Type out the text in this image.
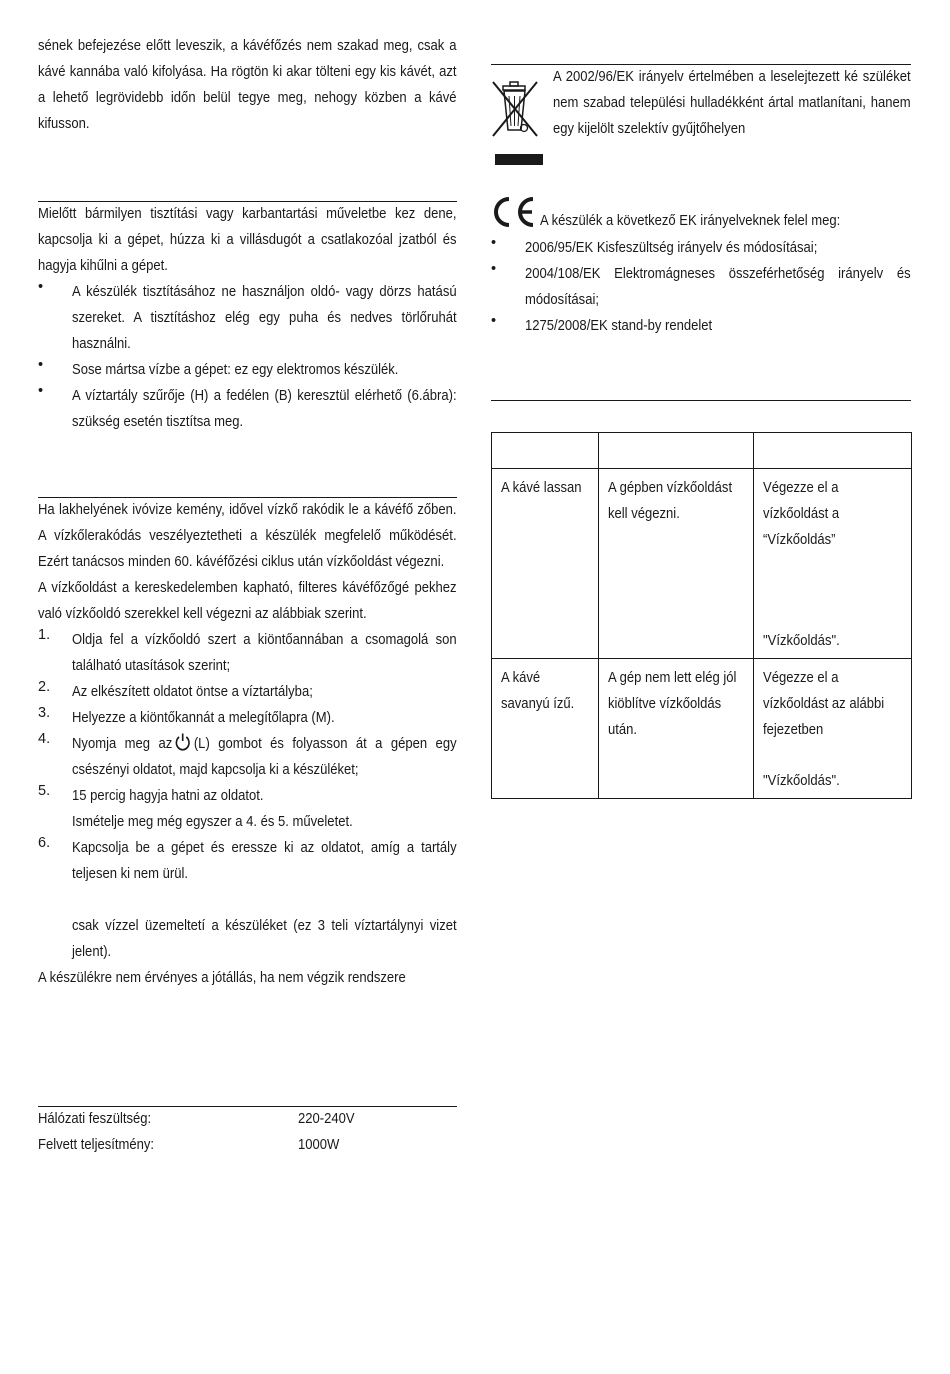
sének befejezése előtt leveszik, a kávéfőzés nem szakad meg, csak a kávé kannába való kifolyása. Ha rögtön ki akar tölteni egy kis kávét, azt a lehető legrövidebb időn belül tegye meg, nehogy közben a kávé kifusson.

Mielőtt bármilyen tisztítási vagy karbantartási műveletbe kez dene, kapcsolja ki a gépet, húzza ki a villásdugót a csatlakozóal jzatból és hagyja kihűlni a gépet.

• A készülék tisztításához ne használjon oldó- vagy dörzs hatású szereket. A tisztításhoz elég egy puha és nedves törlőruhát használni.

• Sose mártsa vízbe a gépet: ez egy elektromos készülék.

• A víztartály szűrője (H) a fedélen (B) keresztül elérhető (6.ábra): szükség esetén tisztítsa meg.

Ha lakhelyének ivóvize kemény, idővel vízkő rakódik le a kávéfő zőben. A vízkőlerakódás veszélyeztetheti a készülék megfelelő működését. Ezért tanácsos minden 60. kávéfőzési ciklus után vízkőoldást végezni.

A vízkőoldást a kereskedelemben kapható, filteres kávéfőzőgé pekhez való vízkőoldó szerekkel kell végezni az alábbiak szerint.

1. Oldja fel a vízkőoldó szert a kiöntőannában a csomagolá son található utasítások szerint;

2. Az elkészített oldatot öntse a víztartályba;

3. Helyezze a kiöntőkannát a melegítőlapra (M).

4. Nyomja meg az (L) gombot és folyasson át a gépen egy csészényi oldatot, majd kapcsolja ki a készüléket;

5. 15 percig hagyja hatni az oldatot.

Ismételje meg még egyszer a 4. és 5. műveletet.

6. Kapcsolja be a gépet és eressze ki az oldatot, amíg a tartály teljesen ki nem ürül.

csak vízzel üzemeltetí a készüléket (ez 3 teli víztartálynyi vizet jelent).

A készülékre nem érvényes a jótállás, ha nem végzik rendszere

Hálózati feszültség:	220-240V
Felvett teljesítmény:	1000W

A 2002/96/EK irányelv értelmében a leselejtezett ké szüléket nem szabad települési hulladékként ártal matlanítani, hanem egy kijelölt szelektív gyűjtőhelyen

A készülék a következő EK irányelveknek felel meg:
• 2006/95/EK Kisfeszültség irányelv és módosításai;

• 2004/108/EK Elektromágneses összeférhetőség irányelv és módosításai;

• 1275/2008/EK stand-by rendelet

A kávé lassan	A gépben vízkőoldást kell végezni.	Végezze el a vízkőoldást a “Vízkőoldás”
"Vízkőoldás".

A kávé savanyú ízű.	A gép nem lett elég jól kiöblítve vízkőoldás után.	Végezze el a vízkőoldást az alábbi fejezetben
"Vízkőoldás".
